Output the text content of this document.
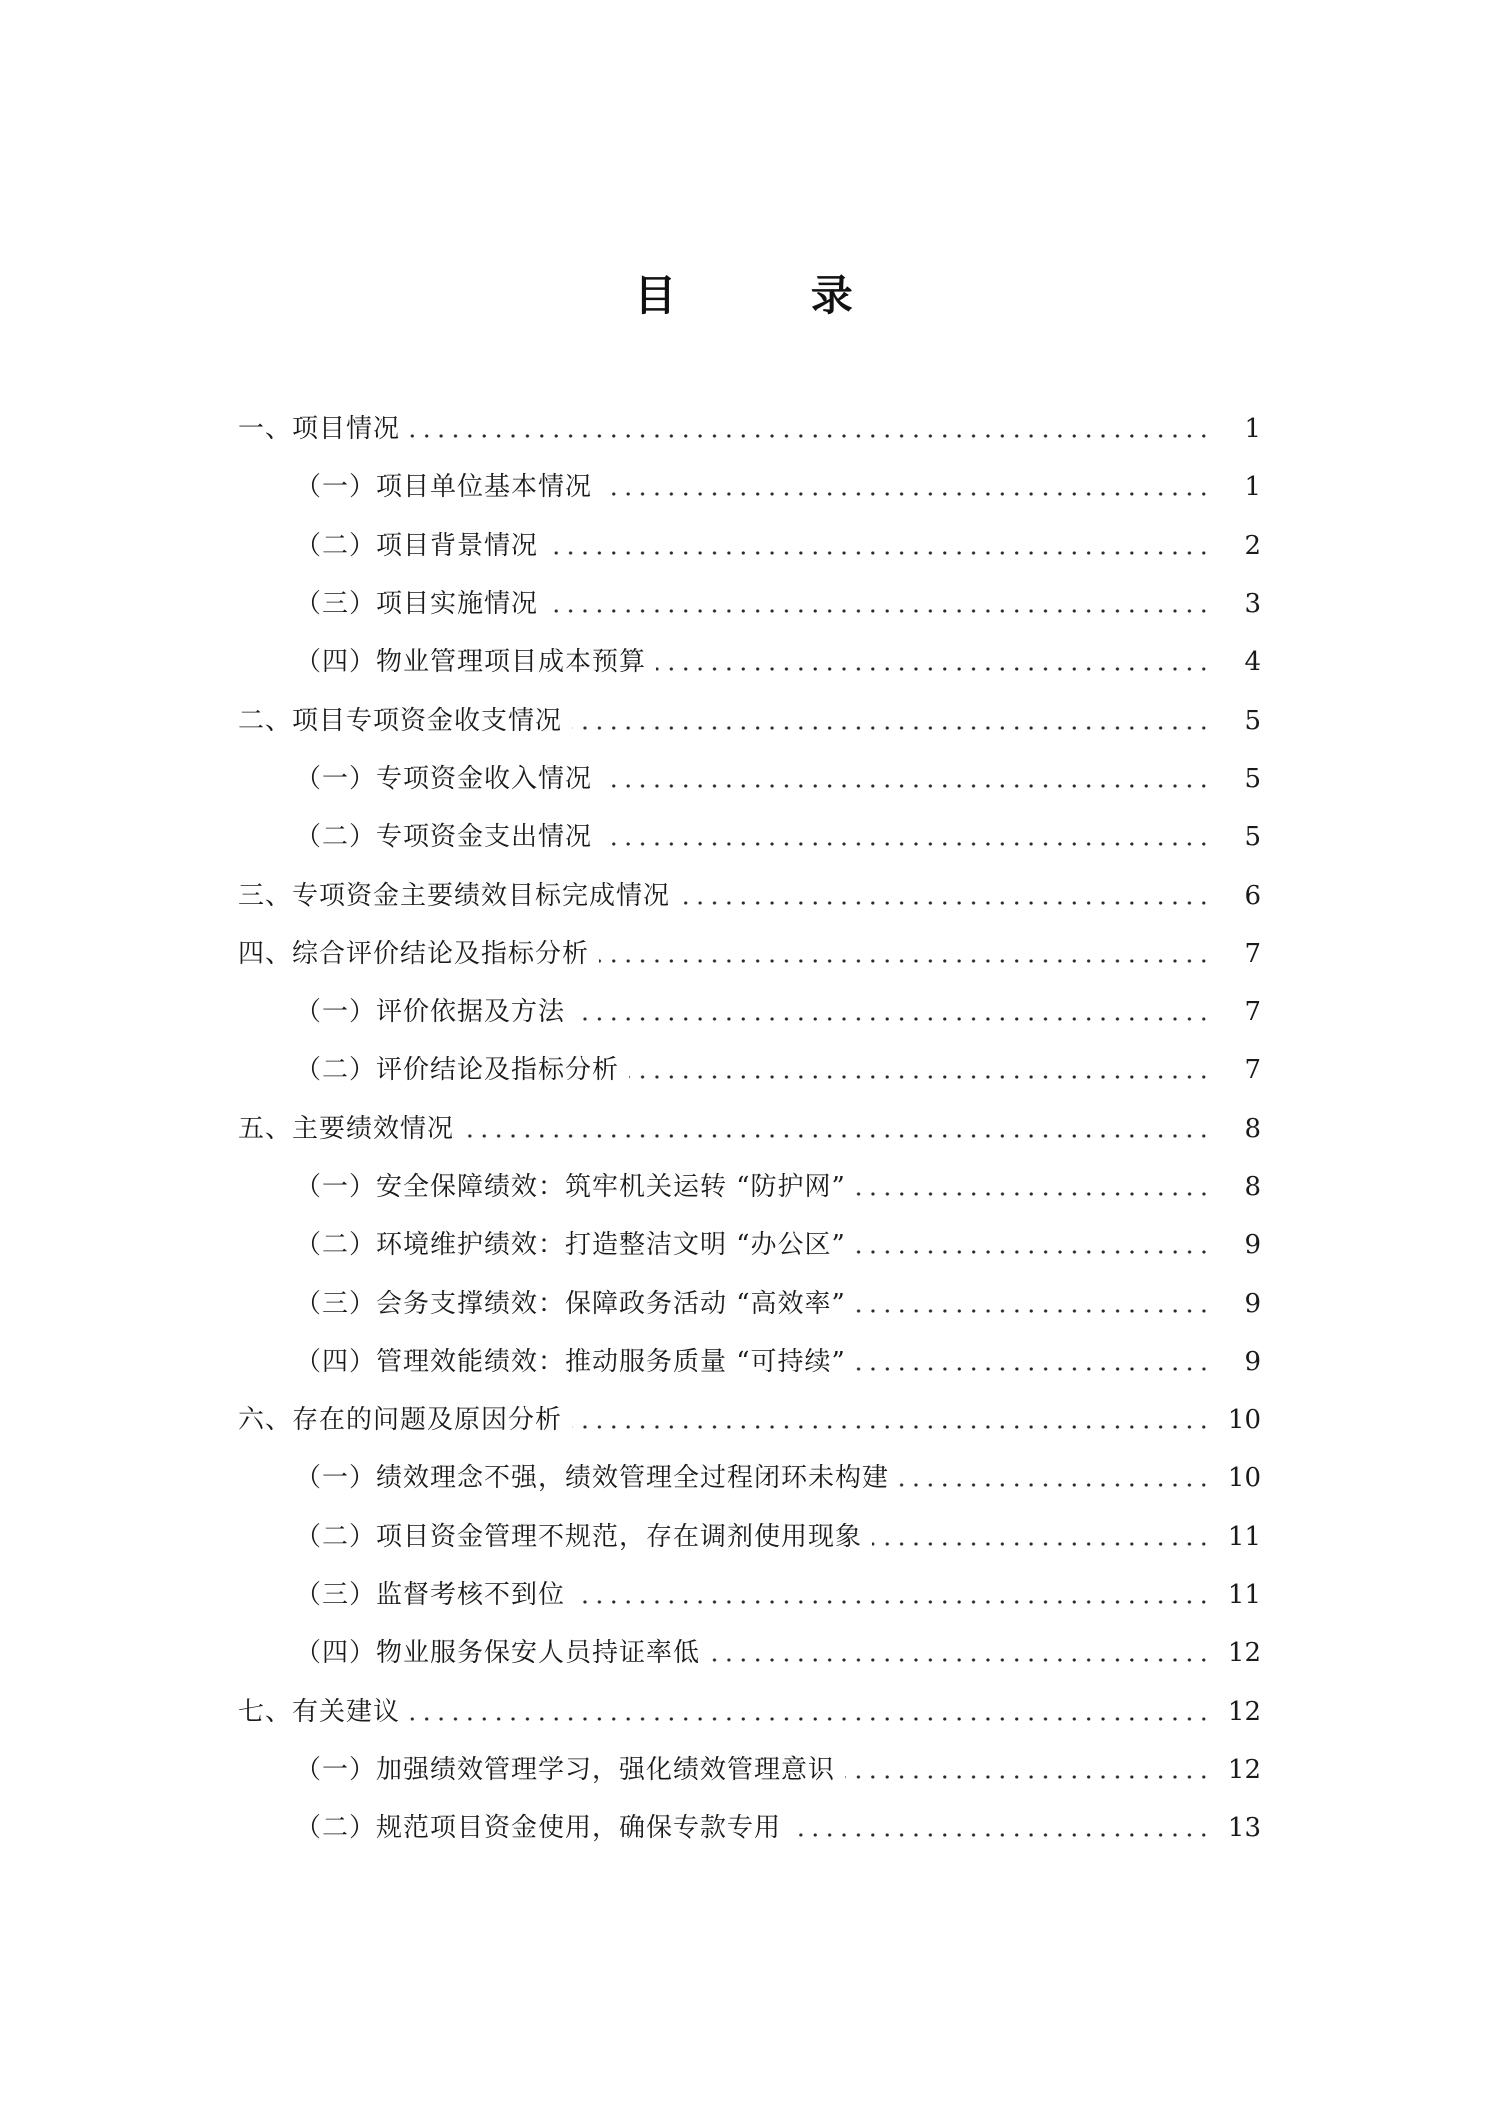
目 录
一、项目情况	1
（一）项目单位基本情况	1
（二）项目背景情况	2
（三）项目实施情况	3
（四）物业管理项目成本预算	4
二、项目专项资金收支情况	5
（一）专项资金收入情况	5
（二）专项资金支出情况	5
三、专项资金主要绩效目标完成情况	6
四、综合评价结论及指标分析	7
（一）评价依据及方法	7
（二）评价结论及指标分析	7
五、主要绩效情况	8
（一）安全保障绩效：筑牢机关运转 “防护网”	8
（二）环境维护绩效：打造整洁文明 “办公区”	9
（三）会务支撑绩效：保障政务活动 “高效率”	9
（四）管理效能绩效：推动服务质量 “可持续”	9
六、存在的问题及原因分析	10
（一）绩效理念不强，绩效管理全过程闭环未构建	10
（二）项目资金管理不规范，存在调剂使用现象	11
（三）监督考核不到位	11
（四）物业服务保安人员持证率低	12
七、有关建议	12
（一）加强绩效管理学习，强化绩效管理意识	12
（二）规范项目资金使用，确保专款专用	13
